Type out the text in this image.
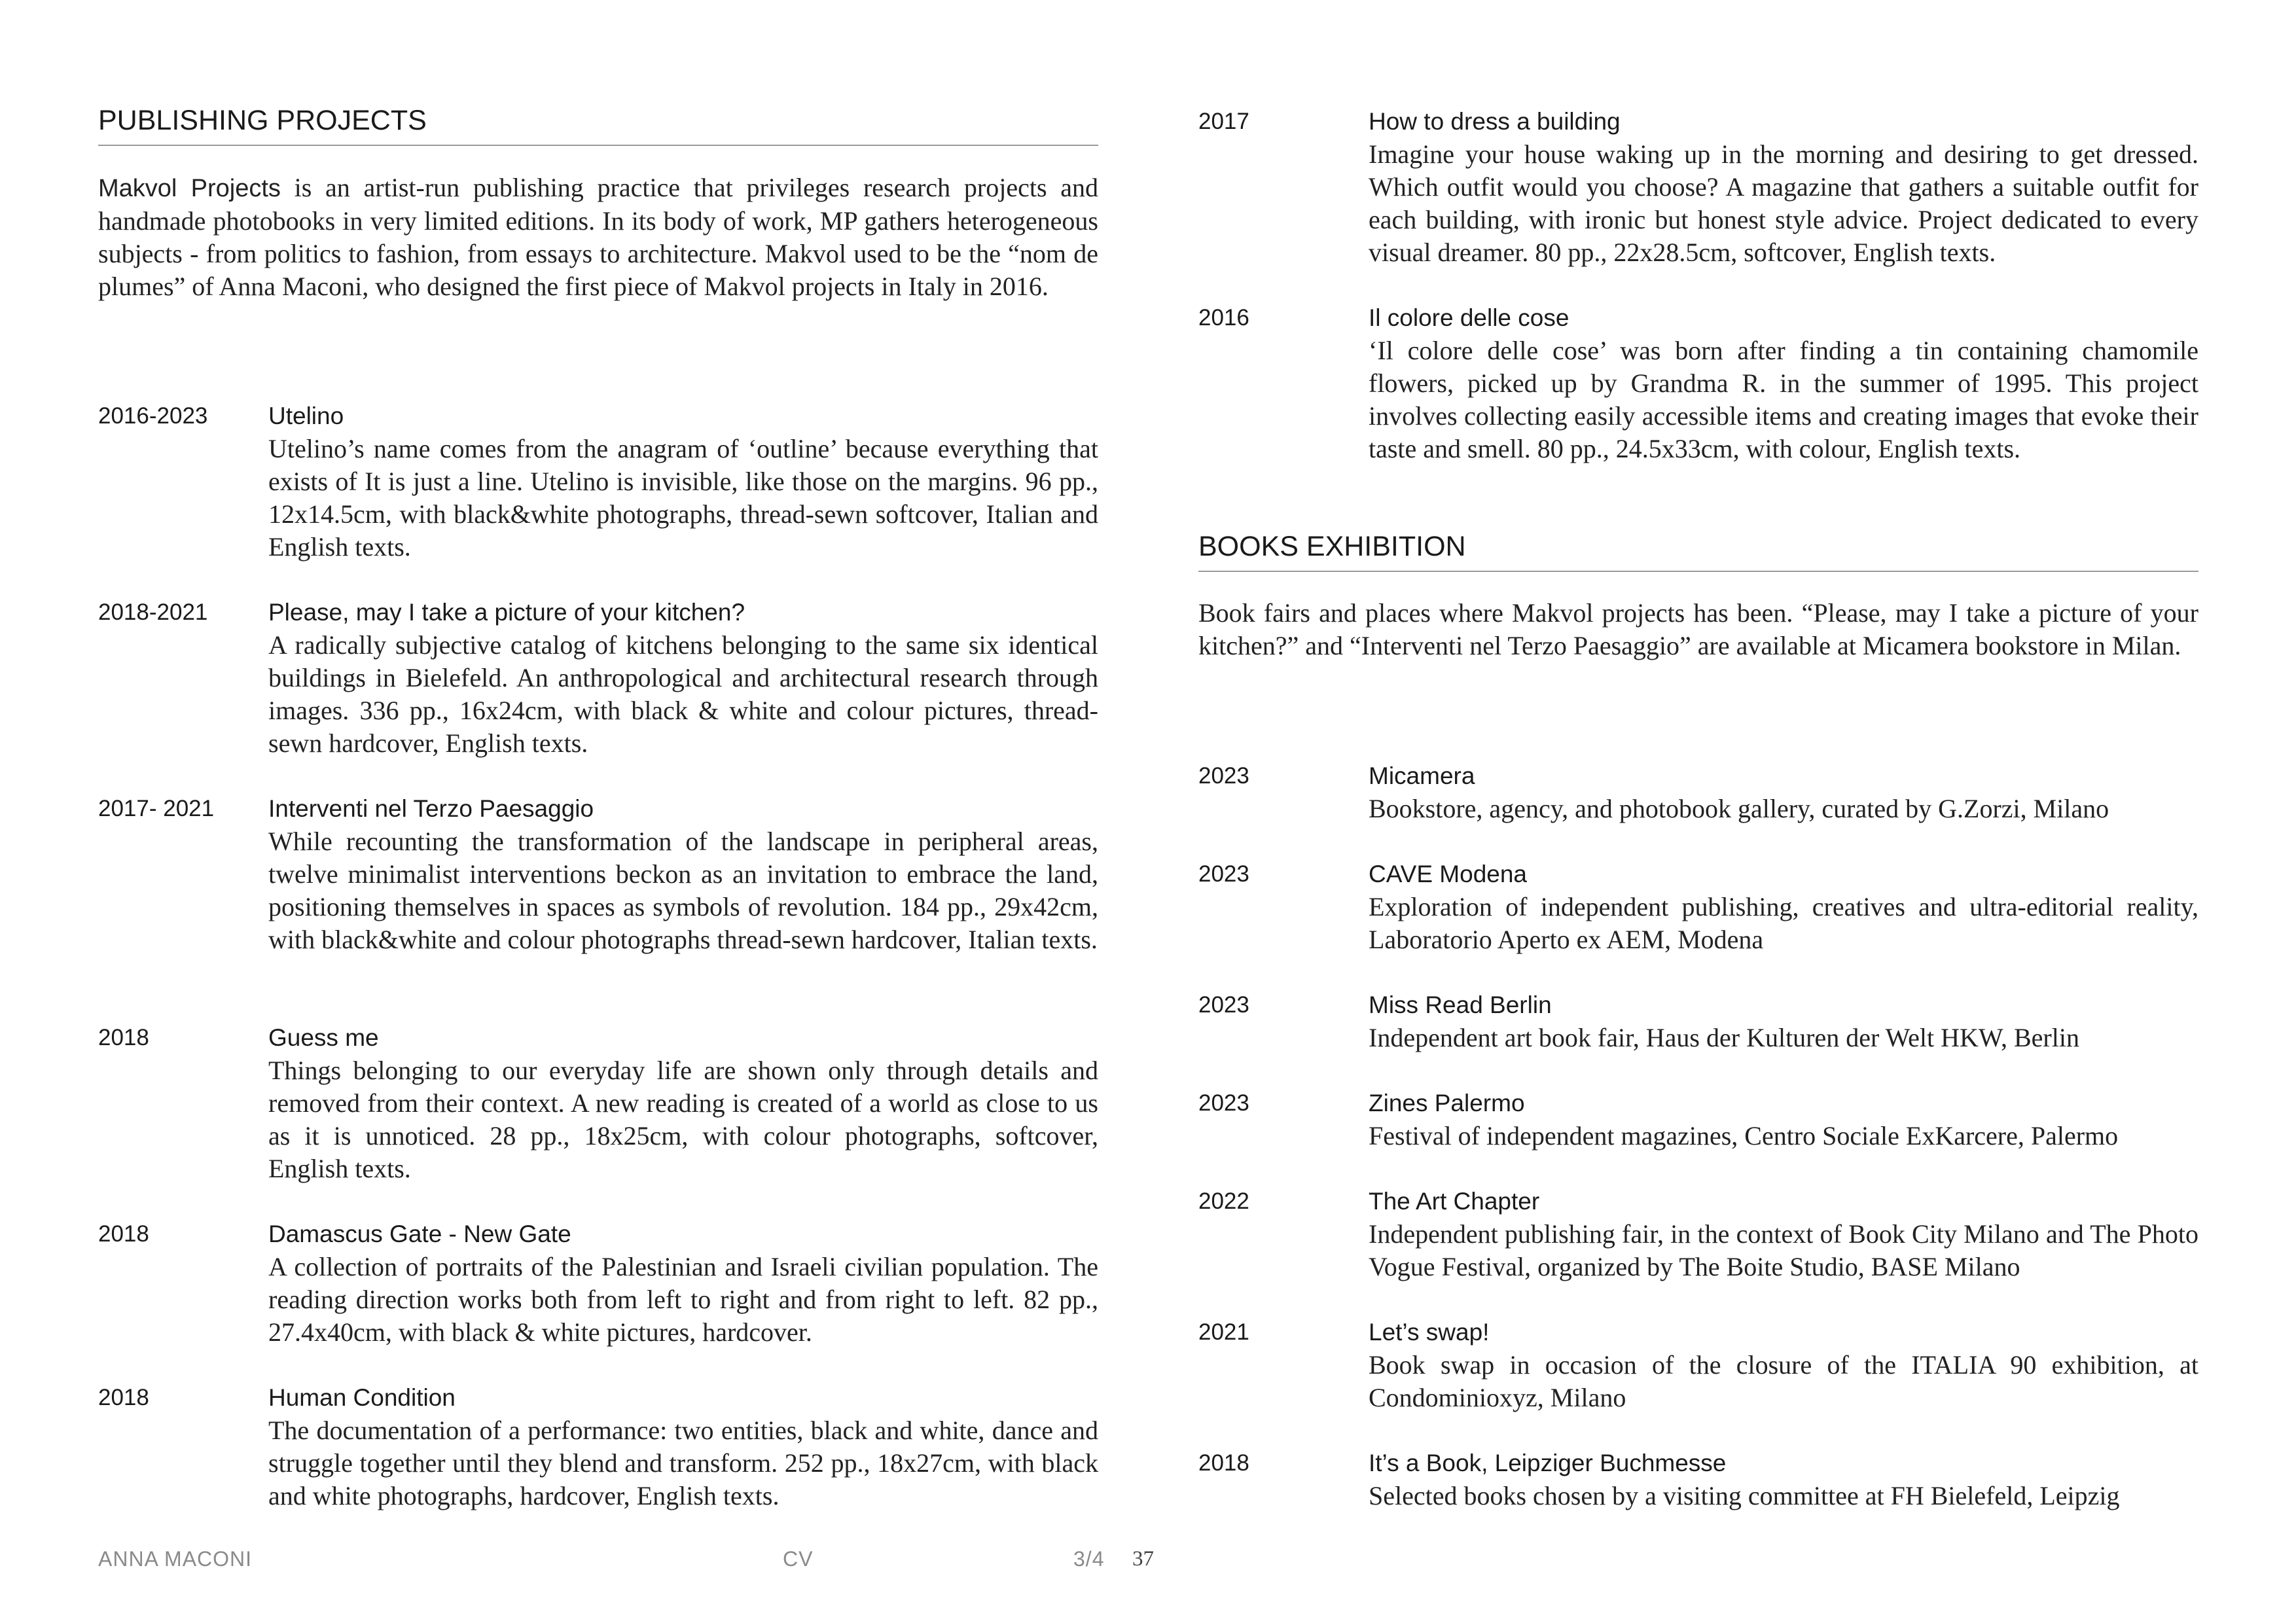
PUBLISHING PROJECTS

Makvol Projects is an artist-run publishing practice that privileges research projects and handmade photobooks in very limited editions. In its body of work, MP gathers heterogeneous subjects - from politics to fashion, from essays to architecture. Makvol used to be the “nom de plumes” of Anna Maconi, who designed the first piece of Makvol projects in Italy in 2016.

2016-2023	Utelino
Utelino’s name comes from the anagram of ‘outline’ because everything that exists of It is just a line. Utelino is invisible, like those on the margins. 96 pp., 12x14.5cm, with black&white photographs, thread-sewn softcover, Italian and English texts.
2018-2021	Please, may I take a picture of your kitchen?
A radically subjective catalog of kitchens belonging to the same six identical buildings in Bielefeld. An anthropological and architectural research through images. 336 pp., 16x24cm, with black & white and colour pictures, thread-sewn hardcover, English texts.
2017- 2021	Interventi nel Terzo Paesaggio
While recounting the transformation of the landscape in peripheral areas, twelve minimalist interventions beckon as an invitation to embrace the land, positioning themselves in spaces as symbols of revolution. 184 pp., 29x42cm, with black&white and colour photographs thread-sewn hardcover, Italian texts.
2018	Guess me
Things belonging to our everyday life are shown only through details and removed from their context. A new reading is created of a world as close to us as it is unnoticed. 28 pp., 18x25cm, with colour photographs, softcover, English texts.
2018	Damascus Gate - New Gate
A collection of portraits of the Palestinian and Israeli civilian population. The reading direction works both from left to right and from right to left. 82 pp., 27.4x40cm, with black & white pictures, hardcover.
2018	Human Condition
The documentation of a performance: two entities, black and white, dance and struggle together until they blend and transform. 252 pp., 18x27cm, with black and white photographs, hardcover, English texts.
2017	How to dress a building
Imagine your house waking up in the morning and desiring to get dressed. Which outfit would you choose? A magazine that gathers a suitable outfit for each building, with ironic but honest style advice. Project dedicated to every visual dreamer. 80 pp., 22x28.5cm, softcover, English texts.
2016	Il colore delle cose
‘Il colore delle cose’ was born after finding a tin containing chamomile flowers, picked up by Grandma R. in the summer of 1995. This project involves collecting easily accessible items and creating images that evoke their taste and smell. 80 pp., 24.5x33cm, with colour, English texts.
BOOKS EXHIBITION

Book fairs and places where Makvol projects has been. “Please, may I take a picture of your kitchen?” and “Interventi nel Terzo Paesaggio” are available at Micamera bookstore in Milan.

2023	Micamera
Bookstore, agency, and photobook gallery, curated by G.Zorzi, Milano
2023	CAVE Modena
Exploration of independent publishing, creatives and ultra-editorial reality, Laboratorio Aperto ex AEM, Modena
2023	Miss Read Berlin
Independent art book fair, Haus der Kulturen der Welt HKW, Berlin
2023	Zines Palermo
Festival of independent magazines, Centro Sociale ExKarcere, Palermo
2022	The Art Chapter
Independent publishing fair, in the context of Book City Milano and The Photo Vogue Festival, organized by The Boite Studio, BASE Milano
2021	Let’s swap!
Book swap in occasion of the closure of the ITALIA 90 exhibition, at Condominioxyz, Milano
2018	It’s a Book, Leipziger Buchmesse
Selected books chosen by a visiting committee at FH Bielefeld, Leipzig
ANNA MACONI	CV	3/4 37
